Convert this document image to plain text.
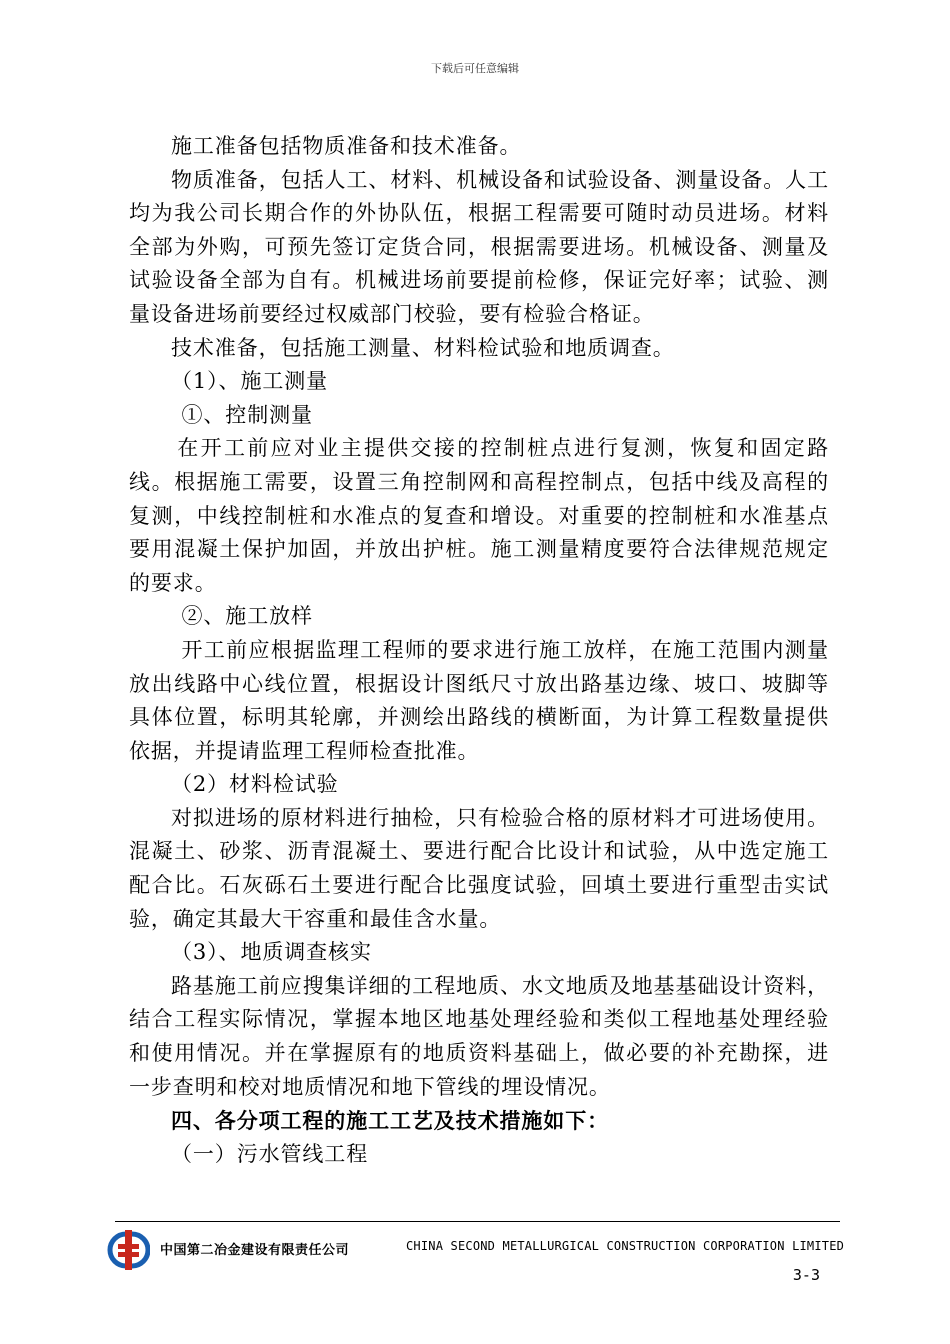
下载后可任意编辑

施工准备包括物质准备和技术准备。

物质准备，包括人工、材料、机械设备和试验设备、测量设备。人工均为我公司长期合作的外协队伍，根据工程需要可随时动员进场。材料全部为外购，可预先签订定货合同，根据需要进场。机械设备、测量及试验设备全部为自有。机械进场前要提前检修，保证完好率；试验、测量设备进场前要经过权威部门校验，要有检验合格证。

技术准备，包括施工测量、材料检试验和地质调查。

（1）、施工测量

①、控制测量

在开工前应对业主提供交接的控制桩点进行复测，恢复和固定路线。根据施工需要，设置三角控制网和高程控制点，包括中线及高程的复测，中线控制桩和水准点的复查和增设。对重要的控制桩和水准基点要用混凝土保护加固，并放出护桩。施工测量精度要符合法律规范规定的要求。

②、施工放样

开工前应根据监理工程师的要求进行施工放样，在施工范围内测量放出线路中心线位置，根据设计图纸尺寸放出路基边缘、坡口、坡脚等具体位置，标明其轮廓，并测绘出路线的横断面，为计算工程数量提供依据，并提请监理工程师检查批准。

（2）材料检试验

对拟进场的原材料进行抽检，只有检验合格的原材料才可进场使用。混凝土、砂浆、沥青混凝土、要进行配合比设计和试验，从中选定施工配合比。石灰砾石土要进行配合比强度试验，回填土要进行重型击实试验，确定其最大干容重和最佳含水量。

（3）、地质调查核实

路基施工前应搜集详细的工程地质、水文地质及地基基础设计资料，结合工程实际情况，掌握本地区地基处理经验和类似工程地基处理经验和使用情况。并在掌握原有的地质资料基础上，做必要的补充勘探，进一步查明和校对地质情况和地下管线的埋设情况。

四、各分项工程的施工工艺及技术措施如下：

（一）污水管线工程

中国第二冶金建设有限责任公司	CHINA SECOND METALLURGICAL CONSTRUCTION CORPORATION LIMITED
3-3
